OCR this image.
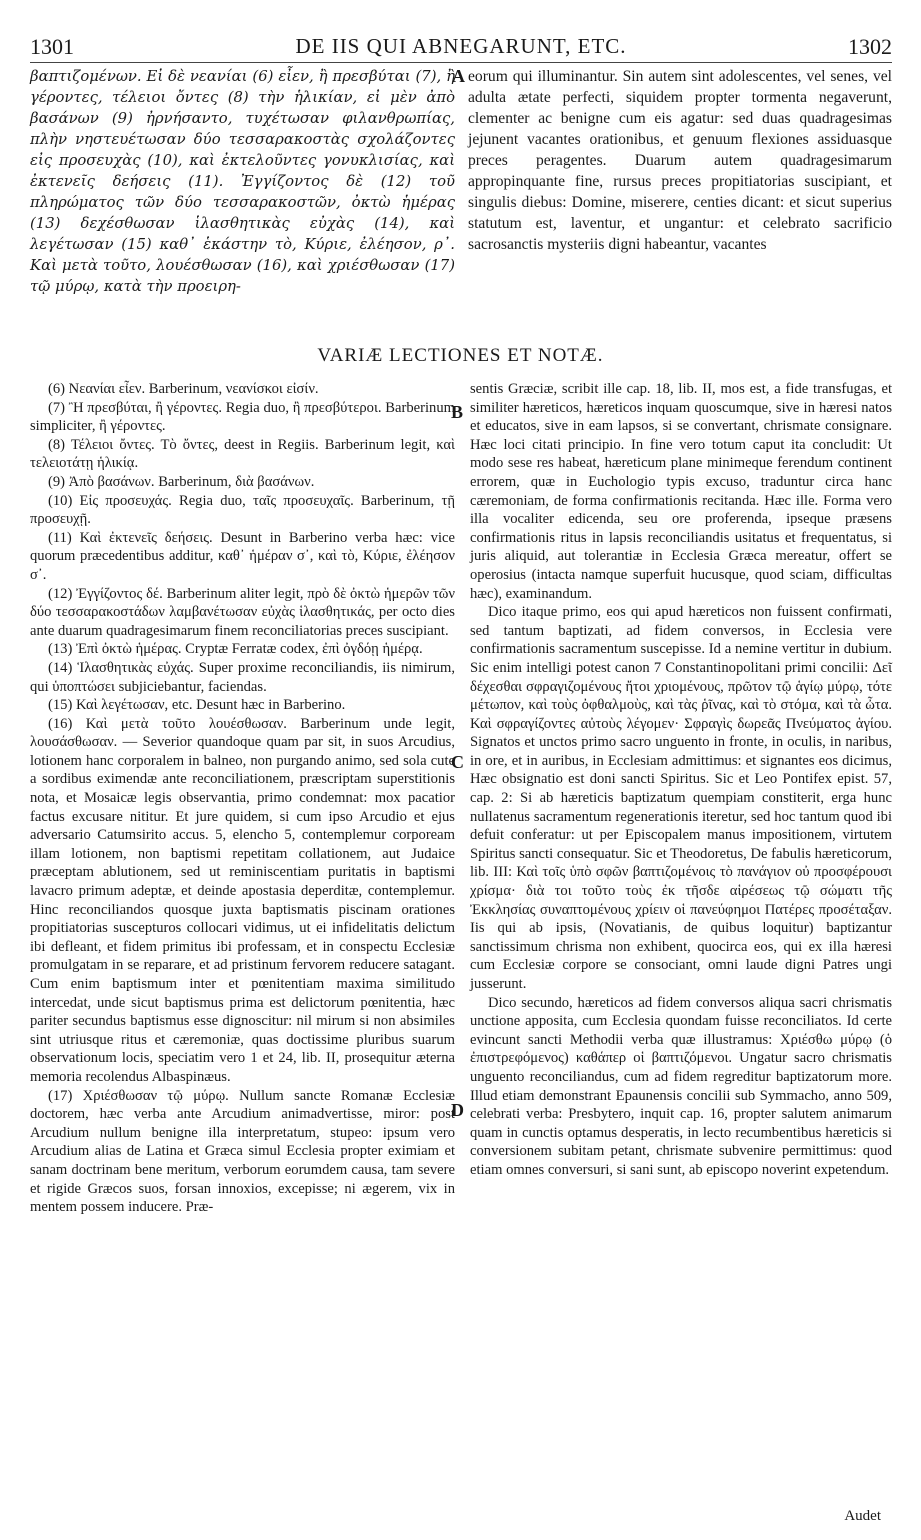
1301	DE IIS QUI ABNEGARUNT, ETC.	1302

βαπτιζομένων. Εἰ δὲ νεανίαι (6) εἶεν, ἢ πρεσβύται (7), ἢ γέροντες, τέλειοι ὄντες (8) τὴν ἡλικίαν, εἰ μὲν ἀπὸ βασάνων (9) ἠρνήσαντο, τυχέτωσαν φιλανθρωπίας, πλὴν νηστευέτωσαν δύο τεσσαρακοστὰς σχολάζοντες εἰς προσευχὰς (10), καὶ ἐκτελοῦντες γονυκλισίας, καὶ ἐκτενεῖς δεήσεις (11). Ἐγγίζοντος δὲ (12) τοῦ πληρώματος τῶν δύο τεσσαρακοστῶν, ὀκτὼ ἡμέρας (13) δεχέσθωσαν ἱλασθητικὰς εὐχὰς (14), καὶ λεγέτωσαν (15) καθ᾽ ἑκάστην τὸ, Κύριε, ἐλέησον, ρ᾽. Καὶ μετὰ τοῦτο, λουέσθωσαν (16), καὶ χριέσθωσαν (17) τῷ μύρῳ, κατὰ τὴν προειρη-

A eorum qui illuminantur. Sin autem sint adolescentes, vel senes, vel adulta ætate perfecti, siquidem propter tormenta negaverunt, clementer ac benigne cum eis agatur: sed duas quadragesimas jejunent vacantes orationibus, et genuum flexiones assiduasque preces peragentes. Duarum autem quadragesimarum appropinquante fine, rursus preces propitiatorias suscipiant, et singulis diebus: Domine, miserere, centies dicant: et sicut superius statutum est, laventur, et ungantur: et celebrato sacrificio sacrosanctis mysteriis digni habeantur, vacantes

VARIÆ LECTIONES ET NOTÆ.

(6) Νεανίαι εἶεν. Barberinum, νεανίσκοι εἰσίν.

(7) Ἢ πρεσβύται, ἢ γέροντες. Regia duo, ἢ πρεσβύτεροι. Barberinum simpliciter, ἢ γέροντες.

(8) Τέλειοι ὄντες. Τὸ ὄντες, deest in Regiis. Barberinum legit, καὶ τελειοτάτῃ ἡλικίᾳ.

(9) Ἀπὸ βασάνων. Barberinum, διὰ βασάνων.

(10) Εἰς προσευχάς. Regia duo, ταῖς προσευχαῖς. Barberinum, τῇ προσευχῇ.

(11) Καὶ ἐκτενεῖς δεήσεις. Desunt in Barberino verba hæc: vice quorum præcedentibus additur, καθ᾽ ἡμέραν σ᾽, καὶ τὸ, Κύριε, ἐλέησον σ᾽.

(12) Ἐγγίζοντος δέ. Barberinum aliter legit, πρὸ δὲ ὀκτὼ ἡμερῶν τῶν δύο τεσσαρακοστάδων λαμβανέτωσαν εὐχὰς ἱλασθητικάς, per octo dies ante duarum quadragesimarum finem reconciliatorias preces suscipiant.

(13) Ἐπὶ ὀκτὼ ἡμέρας. Cryptæ Ferratæ codex, ἐπὶ ὀγδόῃ ἡμέρᾳ.

(14) Ἱλασθητικὰς εὐχάς. Super proxime reconciliandis, iis nimirum, qui ὑποπτώσει subjiciebantur, faciendas.

(15) Καὶ λεγέτωσαν, etc. Desunt hæc in Barberino.

(16) Καὶ μετὰ τοῦτο λουέσθωσαν. Barberinum unde legit, λουσάσθωσαν. — Severior quandoque quam par sit, in suos Arcudius, lotionem hanc corporalem in balneo, non purgando animo, sed sola cute a sordibus eximendæ ante reconciliationem, præscriptam superstitionis nota, et Mosaicæ legis observantia, primo condemnat: mox pacatior factus excusare nititur. Et jure quidem, si cum ipso Arcudio et ejus adversario Catumsirito accus. 5, elencho 5, contemplemur corpoream illam lotionem, non baptismi repetitam collationem, aut Judaice præceptam ablutionem, sed ut reminiscentiam puritatis in baptismi lavacro primum adeptæ, et deinde apostasia deperditæ, contemplemur. Hinc reconciliandos quosque juxta baptismatis piscinam orationes propitiatorias suscepturos collocari vidimus, ut ei infidelitatis delictum ibi defleant, et fidem primitus ibi professam, et in conspectu Ecclesiæ promulgatam in se reparare, et ad pristinum fervorem reducere satagant. Cum enim baptismum inter et pœnitentiam maxima similitudo intercedat, unde sicut baptismus prima est delictorum pœnitentia, hæc pariter secundus baptismus esse dignoscitur: nil mirum si non absimiles sint utriusque ritus et cæremoniæ, quas doctissime pluribus suarum observationum locis, speciatim vero 1 et 24, lib. II, prosequitur æterna memoria recolendus Albaspinæus.

(17) Χριέσθωσαν τῷ μύρῳ. Nullum sancte Romanæ Ecclesiæ doctorem, hæc verba ante Arcudium animadvertisse, miror: post Arcudium nullum benigne illa interpretatum, stupeo: ipsum vero Arcudium alias de Latina et Græca simul Ecclesia propter eximiam et sanam doctrinam bene meritum, verborum eorumdem causa, tam severe et rigide Græcos suos, forsan innoxios, excepisse; ni ægerem, vix in mentem possem inducere. Præ-

B
C
D

sentis Græciæ, scribit ille cap. 18, lib. II, mos est, a fide transfugas, et similiter hæreticos, hæreticos inquam quoscumque, sive in hæresi natos et educatos, sive in eam lapsos, si se convertant, chrismate consignare. Hæc loci citati principio. In fine vero totum caput ita concludit: Ut modo sese res habeat, hæreticum plane minimeque ferendum continent errorem, quæ in Euchologio typis excuso, traduntur circa hanc cæremoniam, de forma confirmationis recitanda. Hæc ille. Forma vero illa vocaliter edicenda, seu ore proferenda, ipseque præsens confirmationis ritus in lapsis reconciliandis usitatus et frequentatus, si juris aliquid, aut tolerantiæ in Ecclesia Græca mereatur, offert se operosius (intacta namque superfuit hucusque, quod sciam, difficultas hæc), examinandum.

Dico itaque primo, eos qui apud hæreticos non fuissent confirmati, sed tantum baptizati, ad fidem conversos, in Ecclesia vere confirmationis sacramentum suscepisse. Id a nemine vertitur in dubium. Sic enim intelligi potest canon 7 Constantinopolitani primi concilii: Δεῖ δέχεσθαι σφραγιζομένους ἤτοι χριομένους, πρῶτον τῷ ἁγίῳ μύρῳ, τότε μέτωπον, καὶ τοὺς ὀφθαλμοὺς, καὶ τὰς ῥῖνας, καὶ τὸ στόμα, καὶ τὰ ὦτα. Καὶ σφραγίζοντες αὐτοὺς λέγομεν· Σφραγὶς δωρεᾶς Πνεύματος ἁγίου. Signatos et unctos primo sacro unguento in fronte, in oculis, in naribus, in ore, et in auribus, in Ecclesiam admittimus: et signantes eos dicimus, Hæc obsignatio est doni sancti Spiritus. Sic et Leo Pontifex epist. 57, cap. 2: Si ab hæreticis baptizatum quempiam constiterit, erga hunc nullatenus sacramentum regenerationis iteretur, sed hoc tantum quod ibi defuit conferatur: ut per Episcopalem manus impositionem, virtutem Spiritus sancti consequatur. Sic et Theodoretus, De fabulis hæreticorum, lib. III: Καὶ τοῖς ὑπὸ σφῶν βαπτιζομένοις τὸ πανάγιον οὐ προσφέρουσι χρίσμα· διὰ τοι τοῦτο τοὺς ἐκ τῆσδε αἱρέσεως τῷ σώματι τῆς Ἐκκλησίας συναπτομένους χρίειν οἱ πανεύφημοι Πατέρες προσέταξαν. Iis qui ab ipsis, (Novatianis, de quibus loquitur) baptizantur sanctissimum chrisma non exhibent, quocirca eos, qui ex illa hæresi cum Ecclesiæ corpore se consociant, omni laude digni Patres ungi jusserunt.

Dico secundo, hæreticos ad fidem conversos aliqua sacri chrismatis unctione apposita, cum Ecclesia quondam fuisse reconciliatos. Id certe evincunt sancti Methodii verba quæ illustramus: Χριέσθω μύρῳ (ὁ ἐπιστρεφόμενος) καθάπερ οἱ βαπτιζόμενοι. Ungatur sacro chrismatis unguento reconciliandus, cum ad fidem regreditur baptizatorum more. Illud etiam demonstrant Epaunensis concilii sub Symmacho, anno 509, celebrati verba: Presbytero, inquit cap. 16, propter salutem animarum quam in cunctis optamus desperatis, in lecto recumbentibus hæreticis si conversionem subitam petant, chrismate subvenire permittimus: quod etiam omnes conversuri, si sani sunt, ab episcopo noverint expetendum.

Audet
